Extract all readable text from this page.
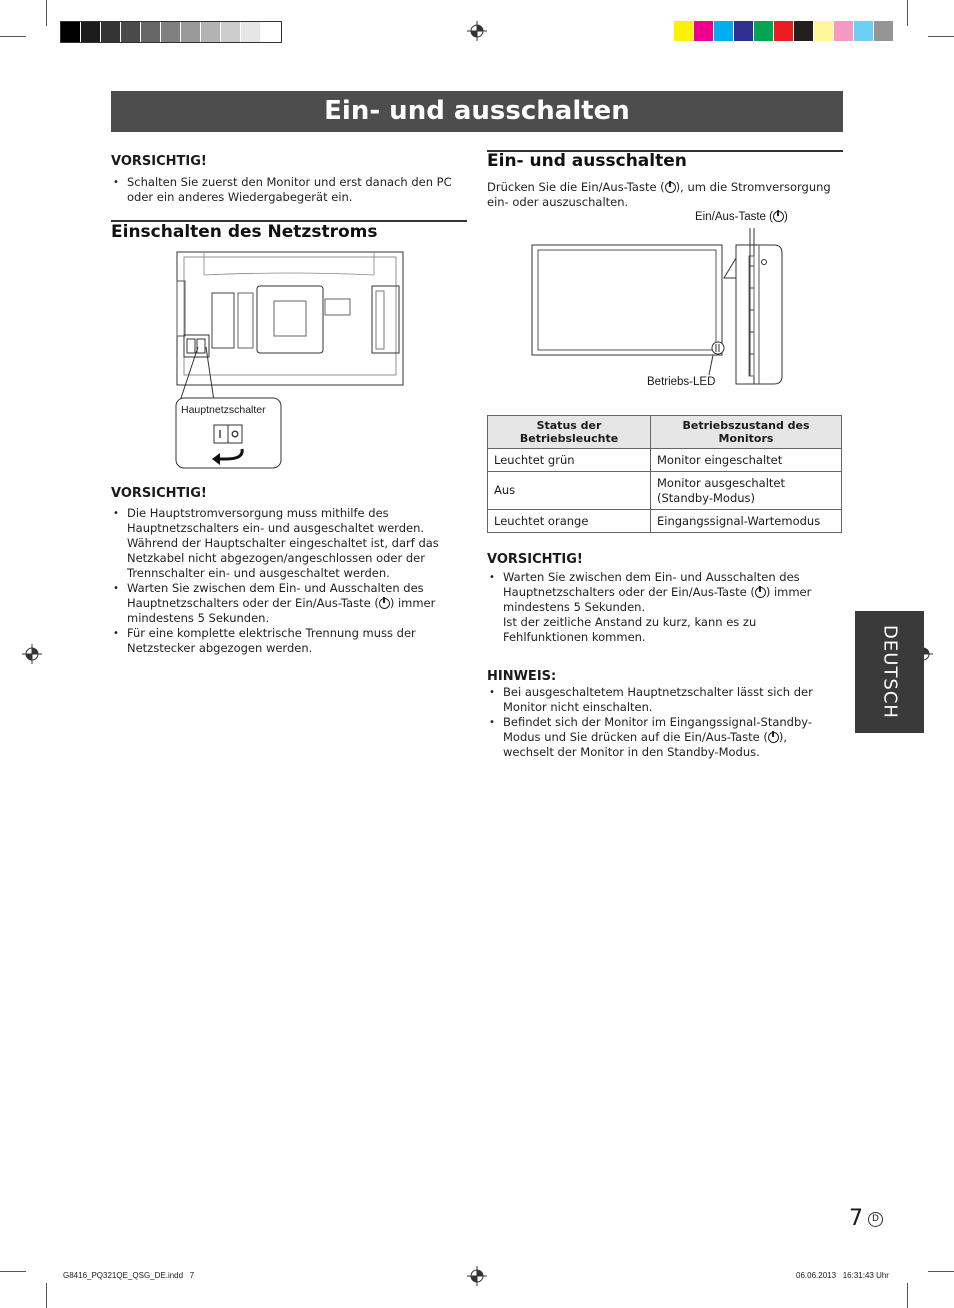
Ein- und ausschalten
VORSICHTIG!
• Schalten Sie zuerst den Monitor und erst danach den PC oder ein anderes Wiedergabegerät ein.
Einschalten des Netzstroms
Hauptnetzschalter
VORSICHTIG!
• Die Hauptstromversorgung muss mithilfe des Hauptnetzschalters ein- und ausgeschaltet werden. Während der Hauptschalter eingeschaltet ist, darf das Netzkabel nicht abgezogen/angeschlossen oder der Trennschalter ein- und ausgeschaltet werden.
• Warten Sie zwischen dem Ein- und Ausschalten des Hauptnetzschalters oder der Ein/Aus-Taste ( ) immer mindestens 5 Sekunden.
• Für eine komplette elektrische Trennung muss der Netzstecker abgezogen werden.
Ein- und ausschalten
Drücken Sie die Ein/Aus-Taste ( ), um die Stromversorgung ein- oder auszuschalten.
Ein/Aus-Taste ( )
Betriebs-LED
Status der Betriebsleuchte	Betriebszustand des Monitors
Leuchtet grün	Monitor eingeschaltet
Aus	Monitor ausgeschaltet (Standby-Modus)
Leuchtet orange	Eingangssignal-Wartemodus
VORSICHTIG!
• Warten Sie zwischen dem Ein- und Ausschalten des Hauptnetzschalters oder der Ein/Aus-Taste ( ) immer mindestens 5 Sekunden.
Ist der zeitliche Anstand zu kurz, kann es zu Fehlfunktionen kommen.
HINWEIS:
• Bei ausgeschaltetem Hauptnetzschalter lässt sich der Monitor nicht einschalten.
• Befindet sich der Monitor im Eingangssignal-Standby-Modus und Sie drücken auf die Ein/Aus-Taste ( ), wechselt der Monitor in den Standby-Modus.
DEUTSCH
7	D
G8416_PQ321QE_QSG_DE.indd   7	06.06.2013   16:31:43 Uhr
